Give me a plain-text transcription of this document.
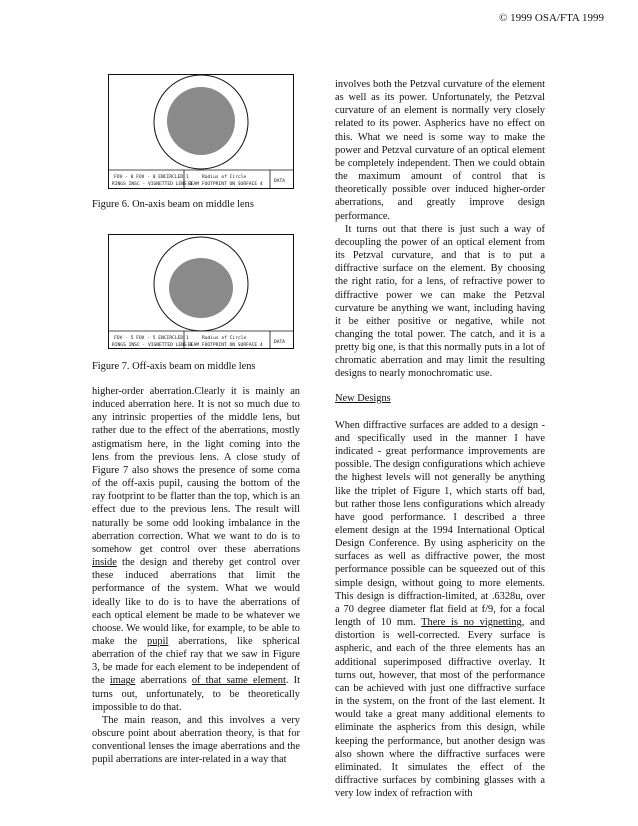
© 1999 OSA/FTA 1999
FOV - 0 FOV - 0 ENCIRCLED 1
RINGS INSC - VIGNETTED LENS 3
Radius of Circle
BEAM FOOTPRINT ON SURFACE 4
DATA
Figure 6. On-axis beam on middle lens
FOV - 5 FOV - 5 ENCIRCLED 1
RINGS INSC - VIGNETTED LENS 3
Radius of Circle
BEAM FOOTPRINT ON SURFACE 4
DATA
Figure 7. Off-axis beam on middle lens

higher-order aberration.Clearly it is mainly an induced aberration here. It is not so much due to any intrinsic properties of the middle lens, but rather due to the effect of the aberrations, mostly astigmatism here, in the light coming into the lens from the previous lens. A close study of Figure 7 also shows the presence of some coma of the off-axis pupil, causing the bottom of the ray footprint to be flatter than the top, which is an effect due to the previous lens. The result will naturally be some odd looking imbalance in the aberration correction. What we want to do is to somehow get control over these aberrations inside the design and thereby get control over these induced aberrations that limit the performance of the system. What we would ideally like to do is to have the aberrations of each optical element be made to be whatever we choose. We would like, for example, to be able to make the pupil aberrations, like spherical aberration of the chief ray that we saw in Figure 3, be made for each element to be independent of the image aberrations of that same element. It turns out, unfortunately, to be theoretically impossible to do that.

The main reason, and this involves a very obscure point about aberration theory, is that for conventional lenses the image aberrations and the pupil aberrations are inter-related in a way that

involves both the Petzval curvature of the element as well as its power. Unfortunately, the Petzval curvature of an element is normally very closely related to its power. Aspherics have no effect on this. What we need is some way to make the power and Petzval curvature of an optical element be completely independent. Then we could obtain the maximum amount of control that is theoretically possible over induced higher-order aberrations, and greatly improve design performance.

It turns out that there is just such a way of decoupling the power of an optical element from its Petzval curvature, and that is to put a diffractive surface on the element. By choosing the right ratio, for a lens, of refractive power to diffractive power we can make the Petzval curvature be anything we want, including having it be either positive or negative, while not changing the total power. The catch, and it is a pretty big one, is that this normally puts in a lot of chromatic aberration and may limit the resulting designs to nearly monochromatic use.

New Designs

When diffractive surfaces are added to a design - and specifically used in the manner I have indicated - great performance improvements are possible. The design configurations which achieve the highest levels will not generally be anything like the triplet of Figure 1, which starts off bad, but rather those lens configurations which already have good performance. I described a three element design at the 1994 International Optical Design Conference. By using asphericity on the surfaces as well as diffractive power, the most performance possible can be squeezed out of this simple design, without going to more elements. This design is diffraction-limited, at .6328u, over a 70 degree diameter flat field at f/9, for a focal length of 10 mm. There is no vignetting, and distortion is well-corrected. Every surface is aspheric, and each of the three elements has an additional superimposed diffractive overlay. It turns out, however, that most of the performance can be achieved with just one diffractive surface in the system, on the front of the last element. It would take a great many additional elements to eliminate the aspherics from this design, while keeping the performance, but another design was also shown where the diffractive surfaces were eliminated. It simulates the effect of the diffractive surfaces by combining glasses with a very low index of refraction with
